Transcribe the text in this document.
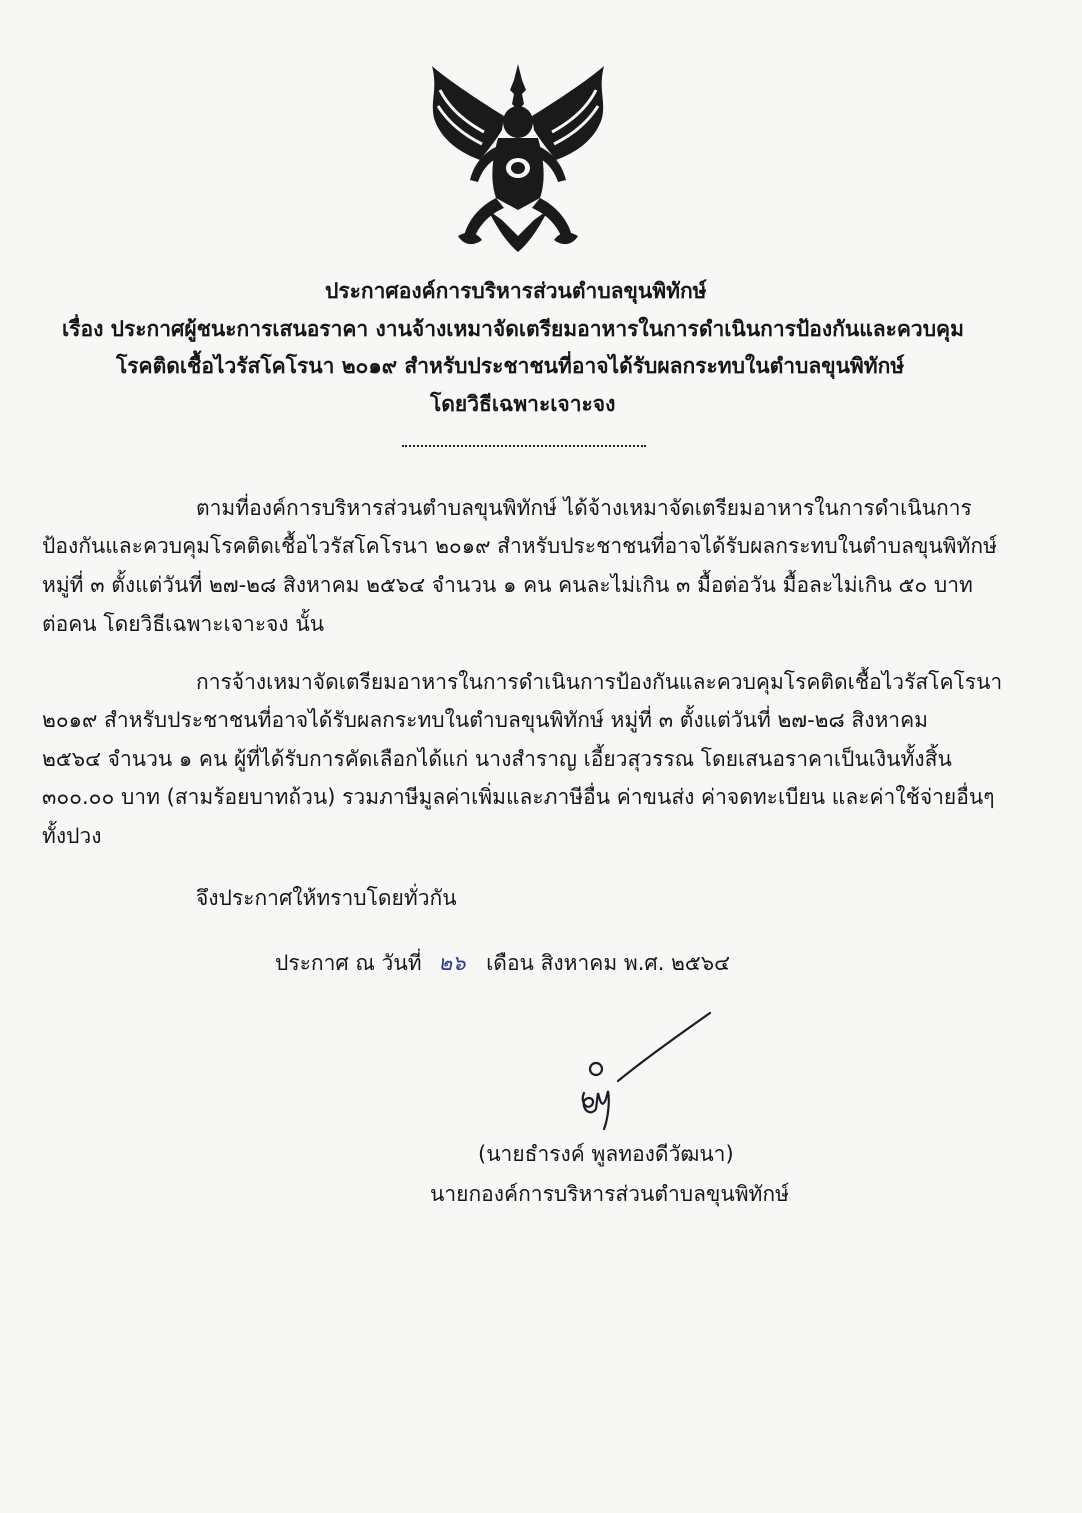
ประกาศองค์การบริหารส่วนตำบลขุนพิทักษ์
เรื่อง ประกาศผู้ชนะการเสนอราคา งานจ้างเหมาจัดเตรียมอาหารในการดำเนินการป้องกันและควบคุม
โรคติดเชื้อไวรัสโคโรนา ๒๐๑๙ สำหรับประชาชนที่อาจได้รับผลกระทบในตำบลขุนพิทักษ์
โดยวิธีเฉพาะเจาะจง
ตามที่องค์การบริหารส่วนตำบลขุนพิทักษ์ ได้จ้างเหมาจัดเตรียมอาหารในการดำเนินการ
ป้องกันและควบคุมโรคติดเชื้อไวรัสโคโรนา ๒๐๑๙ สำหรับประชาชนที่อาจได้รับผลกระทบในตำบลขุนพิทักษ์
หมู่ที่ ๓ ตั้งแต่วันที่ ๒๗-๒๘ สิงหาคม ๒๕๖๔ จำนวน ๑ คน คนละไม่เกิน ๓ มื้อต่อวัน มื้อละไม่เกิน ๕๐ บาท
ต่อคน โดยวิธีเฉพาะเจาะจง นั้น
การจ้างเหมาจัดเตรียมอาหารในการดำเนินการป้องกันและควบคุมโรคติดเชื้อไวรัสโคโรนา
๒๐๑๙ สำหรับประชาชนที่อาจได้รับผลกระทบในตำบลขุนพิทักษ์ หมู่ที่ ๓ ตั้งแต่วันที่ ๒๗-๒๘ สิงหาคม
๒๕๖๔ จำนวน ๑ คน ผู้ที่ได้รับการคัดเลือกได้แก่ นางสำราญ เอี้ยวสุวรรณ โดยเสนอราคาเป็นเงินทั้งสิ้น
๓๐๐.๐๐ บาท (สามร้อยบาทถ้วน) รวมภาษีมูลค่าเพิ่มและภาษีอื่น ค่าขนส่ง ค่าจดทะเบียน และค่าใช้จ่ายอื่นๆ
ทั้งปวง
จึงประกาศให้ทราบโดยทั่วกัน
ประกาศ ณ วันที่ ๒๖ เดือน สิงหาคม พ.ศ. ๒๕๖๔
(นายธำรงค์ พูลทองดีวัฒนา)
นายกองค์การบริหารส่วนตำบลขุนพิทักษ์
